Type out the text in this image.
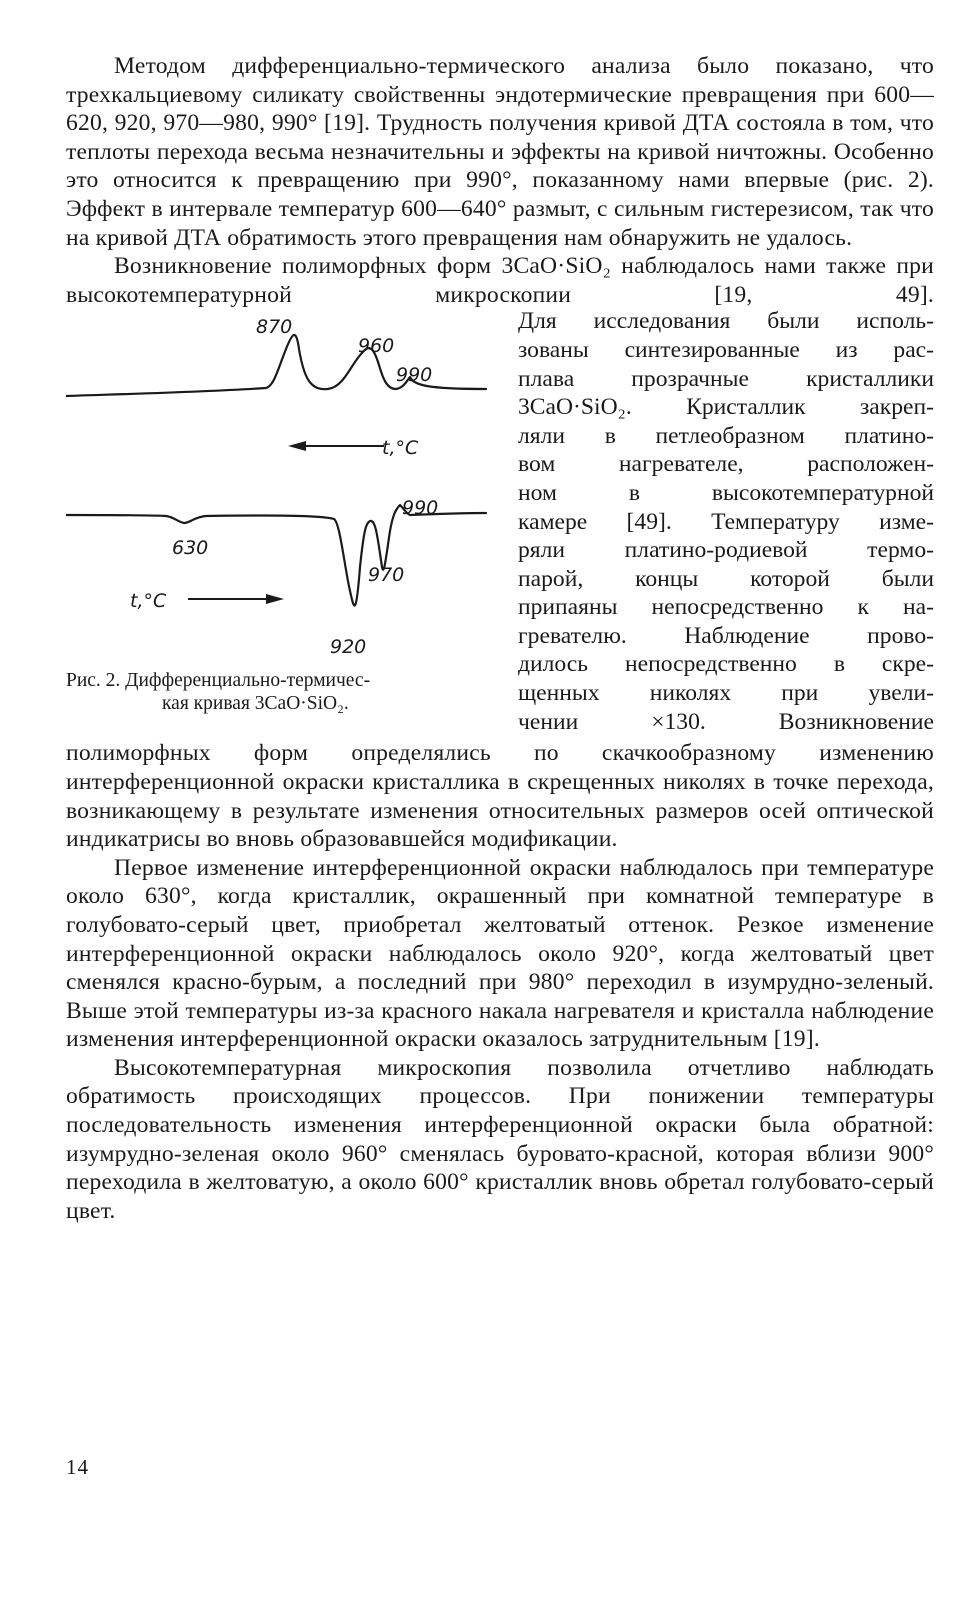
Методом дифференциально-термического анализа было показано, что трехкальциевому силикату свойственны эндотермические превращения при 600—620, 920, 970—980, 990° [19]. Трудность получения кривой ДТА состояла в том, что теплоты перехода весьма незначительны и эффекты на кривой ничтожны. Особенно это относится к превращению при 990°, показанному нами впервые (рис. 2). Эффект в интервале температур 600—640° размыт, с сильным гистерезисом, так что на кривой ДТА обратимость этого превращения нам обнаружить не удалось.

Возникновение полиморфных форм 3CaO·SiO₂ наблюдалось нами также при высокотемпературной микроскопии [19, 49].

870
960
990
t,°C
630
990
970
t,°C
920
Рис. 2. Дифференциально-термичес-
кая кривая 3CaO·SiO₂.
Для исследования были исполь-
зованы синтезированные из рас-
плава прозрачные кристаллики
3CaO·SiO₂. Кристаллик закреп-
ляли в петлеобразном платино-
вом нагревателе, расположен-
ном в высокотемпературной
камере [49]. Температуру изме-
ряли платино-родиевой термо-
парой, концы которой были
припаяны непосредственно к на-
гревателю. Наблюдение прово-
дилось непосредственно в скре-
щенных николях при увели-
чении ×130. Возникновение

полиморфных форм определялись по скачкообразному изменению интерференционной окраски кристаллика в скрещенных николях в точке перехода, возникающему в результате изменения относительных размеров осей оптической индикатрисы во вновь образовавшейся модификации.

Первое изменение интерференционной окраски наблюдалось при температуре около 630°, когда кристаллик, окрашенный при комнатной температуре в голубовато-серый цвет, приобретал желтоватый оттенок. Резкое изменение интерференционной окраски наблюдалось около 920°, когда желтоватый цвет сменялся красно-бурым, а последний при 980° переходил в изумрудно-зеленый. Выше этой температуры из-за красного накала нагревателя и кристалла наблюдение изменения интерференционной окраски оказалось затруднительным [19].

Высокотемпературная микроскопия позволила отчетливо наблюдать обратимость происходящих процессов. При понижении температуры последовательность изменения интерференционной окраски была обратной: изумрудно-зеленая около 960° сменялась буровато-красной, которая вблизи 900° переходила в желтоватую, а около 600° кристаллик вновь обретал голубовато-серый цвет.

14
